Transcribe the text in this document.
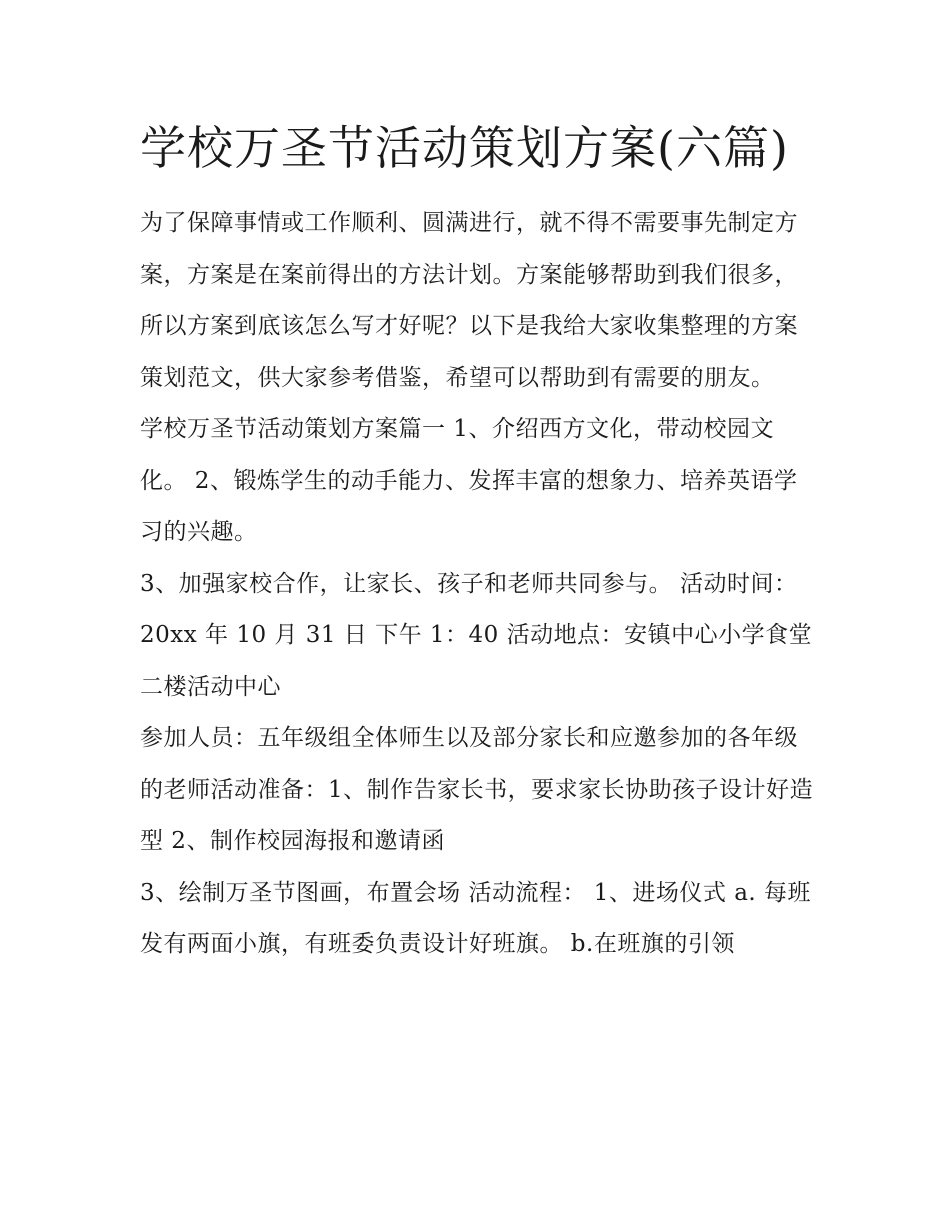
学校万圣节活动策划方案(六篇)

为了保障事情或工作顺利、圆满进行，就不得不需要事先制定方案，方案是在案前得出的方法计划。方案能够帮助到我们很多，所以方案到底该怎么写才好呢？以下是我给大家收集整理的方案策划范文，供大家参考借鉴，希望可以帮助到有需要的朋友。

学校万圣节活动策划方案篇一 1、介绍西方文化，带动校园文化。 2、锻炼学生的动手能力、发挥丰富的想象力、培养英语学习的兴趣。

3、加强家校合作，让家长、孩子和老师共同参与。 活动时间：20xx 年 10 月 31 日 下午 1：40 活动地点：安镇中心小学食堂二楼活动中心

参加人员：五年级组全体师生以及部分家长和应邀参加的各年级的老师活动准备：1、制作告家长书，要求家长协助孩子设计好造型 2、制作校园海报和邀请函

3、绘制万圣节图画，布置会场 活动流程： 1、进场仪式 a. 每班发有两面小旗，有班委负责设计好班旗。 b.在班旗的引领
